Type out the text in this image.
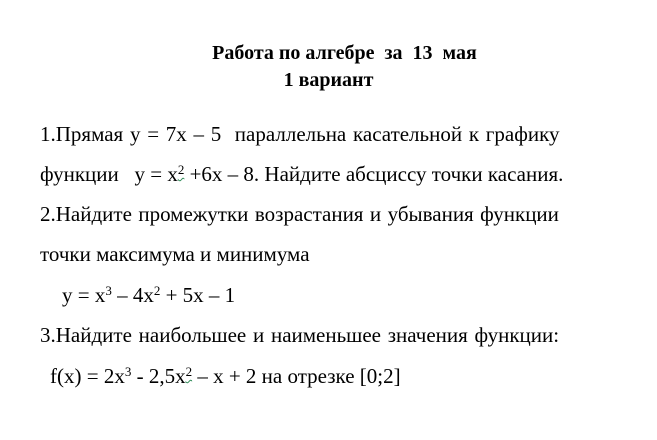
Работа по алгебре  за  13  мая
1 вариант
1.Прямая y = 7x – 5  параллельна касательной к графику
функции   $y = x^2 +6x - 8$. Найдите абсциссу точки касания.
2.Найдите промежутки возрастания и убывания функции
точки максимума и минимума
$y = x^3 - 4x^2 + 5x - 1$
3.Найдите наибольшее и наименьшее значения функции:
$f(x) = 2x^3 - 2,5x^2 - x + 2$ на отрезке [0;2]
